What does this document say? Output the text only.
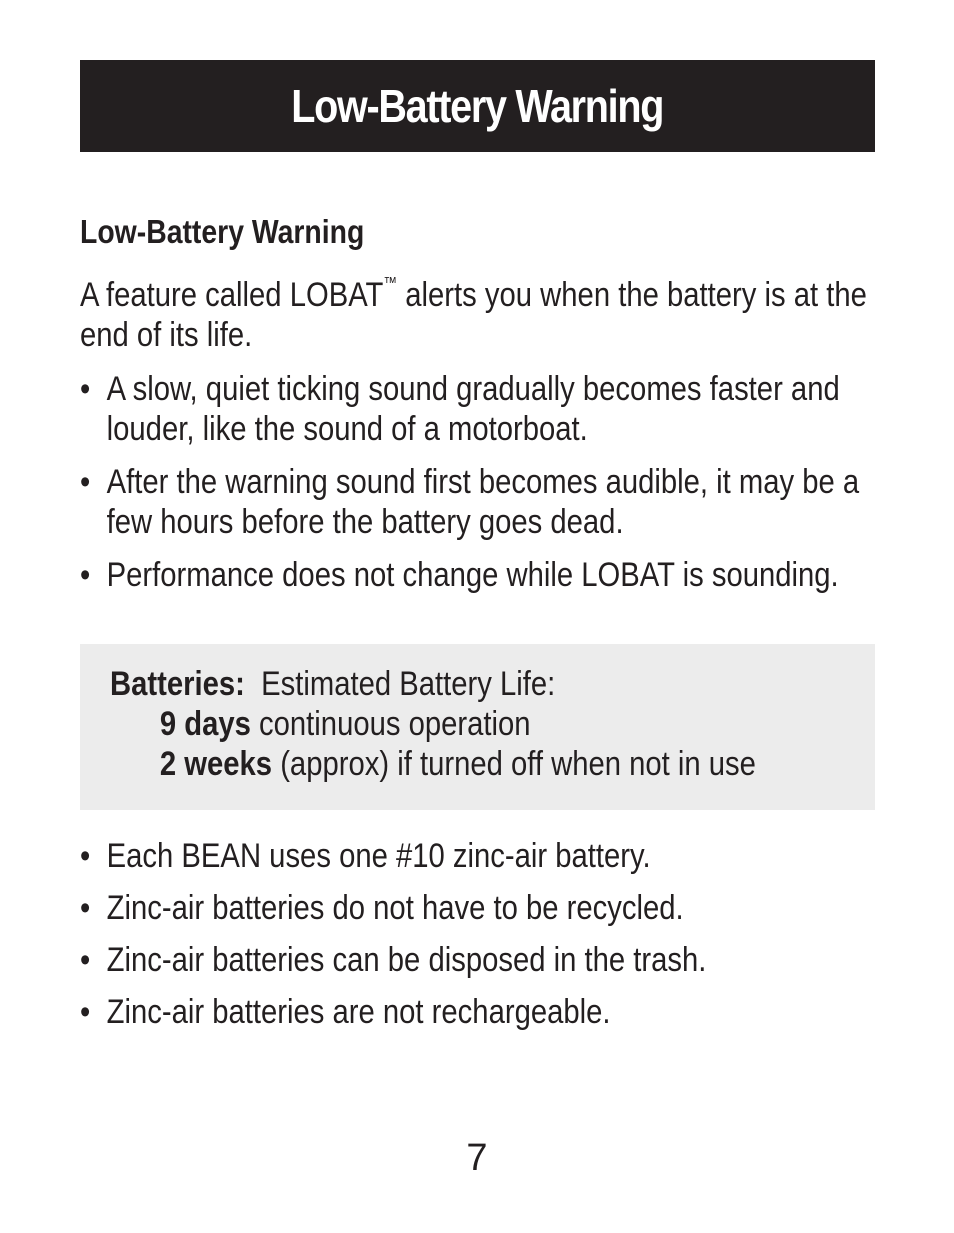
Low-Battery Warning
Low-Battery Warning

A feature called LOBAT™ alerts you when the battery is at the end of its life.

• A slow, quiet ticking sound gradually becomes faster and louder, like the sound of a motorboat.
• After the warning sound first becomes audible, it may be a few hours before the battery goes dead.
• Performance does not change while LOBAT is sounding.
Batteries: Estimated Battery Life:
9 days continuous operation
2 weeks (approx) if turned off when not in use
• Each BEAN uses one #10 zinc-air battery.
• Zinc-air batteries do not have to be recycled.
• Zinc-air batteries can be disposed in the trash.
• Zinc-air batteries are not rechargeable.
7
